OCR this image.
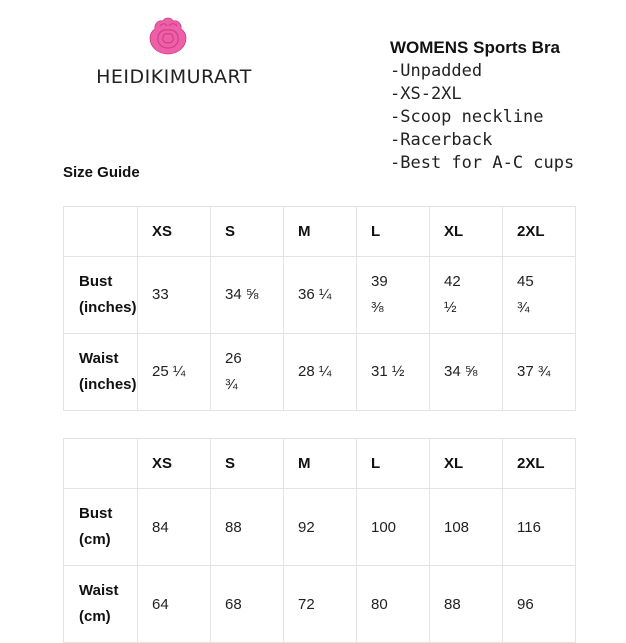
HEIDIKIMURART
WOMENS Sports Bra
-Unpadded
-XS-2XL
-Scoop neckline
-Racerback
-Best for A-C cups
Size Guide
	XS	S	M	L	XL	2XL
Bust (inches)	33	34 ⅝	36 ¼	39 ⅜	42 ½	45 ¾
Waist (inches)	25 ¼	26 ¾	28 ¼	31 ½	34 ⅝	37 ¾
	XS	S	M	L	XL	2XL
Bust (cm)	84	88	92	100	108	116
Waist (cm)	64	68	72	80	88	96
